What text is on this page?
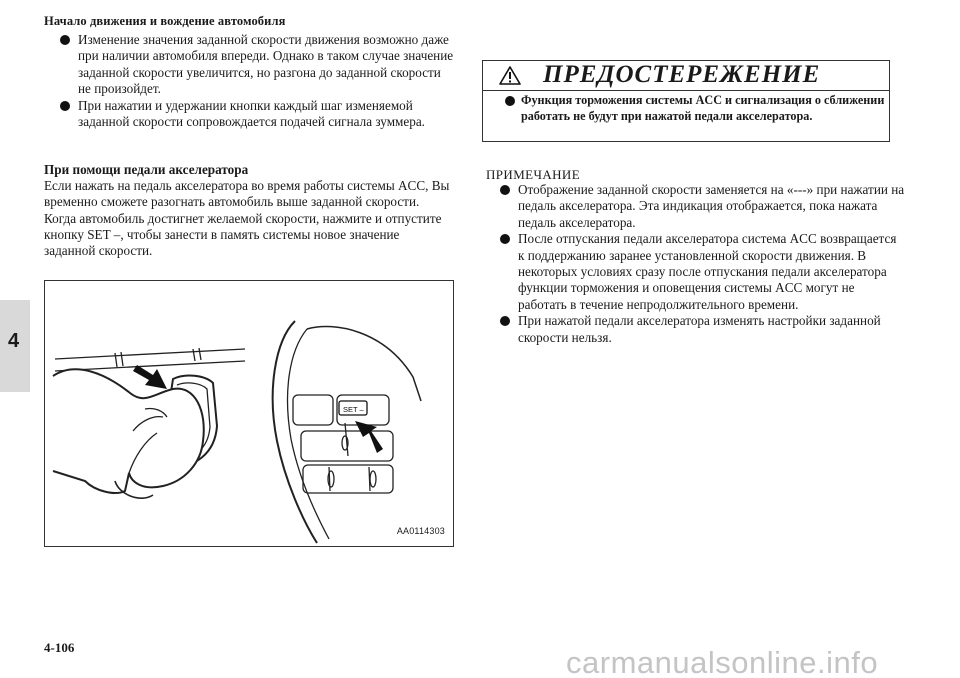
Начало движения и вождение автомобиля
4
Изменение значения заданной скорости движения возможно даже при наличии автомобиля впереди. Однако в таком случае значение заданной скорости увеличится, но разгона до заданной скорости не произойдет.
При нажатии и удержании кнопки каждый шаг изменяемой заданной скорости сопровождается подачей сигнала зуммера.
При помощи педали акселератора
Если нажать на педаль акселератора во время работы системы ACC, Вы временно сможете разогнать автомобиль выше заданной скорости.
Когда автомобиль достигнет желаемой скорости, нажмите и отпустите кнопку SET –, чтобы занести в память системы новое значение заданной скорости.
SET –
AA0114303
ПРЕДОСТЕРЕЖЕНИЕ
Функция торможения системы ACC и сигнализация о сближении работать не будут при нажатой педали акселератора.
ПРИМЕЧАНИЕ
Отображение заданной скорости заменяется на «---» при нажатии на педаль акселератора. Эта индикация отображается, пока нажата педаль акселератора.
После отпускания педали акселератора система ACC возвращается к поддержанию заранее установленной скорости движения. В некоторых условиях сразу после отпускания педали акселератора функции торможения и оповещения системы ACC могут не работать в течение непродолжительного времени.
При нажатой педали акселератора изменять настройки заданной скорости нельзя.
4-106	carmanualsonline.info
